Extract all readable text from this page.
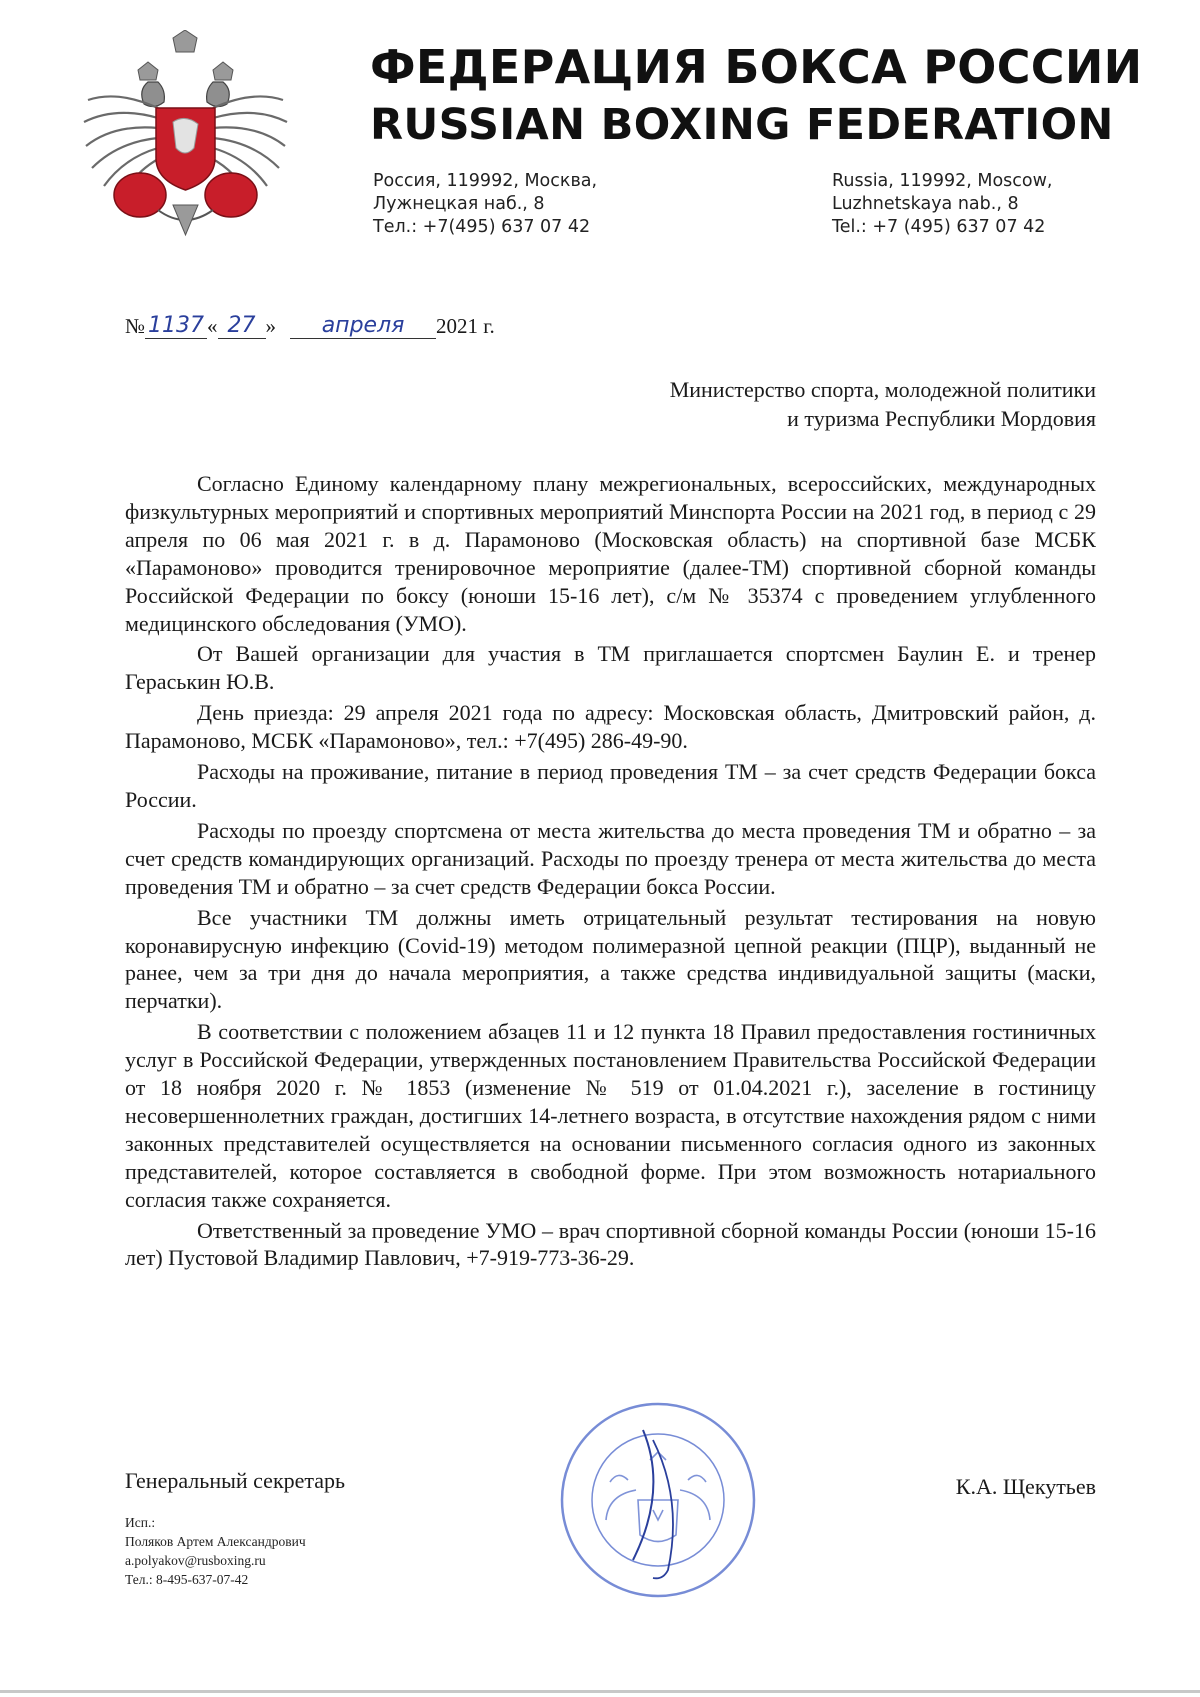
ФЕДЕРАЦИЯ БОКСА РОССИИ
RUSSIAN BOXING FEDERATION
Россия, 119992, Москва,
Лужнецкая наб., 8
Тел.: +7(495) 637 07 42
Russia, 119992, Moscow,
Luzhnetskaya nab., 8
Tel.: +7 (495) 637 07 42
№ 1137 « 27 »	апреля	2021 г.
Министерство спорта, молодежной политики
и туризма Республики Мордовия

Согласно Единому календарному плану межрегиональных, всероссийских, международных физкультурных мероприятий и спортивных мероприятий Минспорта России на 2021 год, в период с 29 апреля по 06 мая 2021 г. в д. Парамоново (Московская область) на спортивной базе МСБК «Парамоново» проводится тренировочное мероприятие (далее-ТМ) спортивной сборной команды Российской Федерации по боксу (юноши 15-16 лет), с/м № 35374 с проведением углубленного медицинского обследования (УМО).

От Вашей организации для участия в ТМ приглашается спортсмен Баулин Е. и тренер Гераськин Ю.В.

День приезда: 29 апреля 2021 года по адресу: Московская область, Дмитровский район, д. Парамоново, МСБК «Парамоново», тел.: +7(495) 286-49-90.

Расходы на проживание, питание в период проведения ТМ – за счет средств Федерации бокса России.

Расходы по проезду спортсмена от места жительства до места проведения ТМ и обратно – за счет средств командирующих организаций. Расходы по проезду тренера от места жительства до места проведения ТМ и обратно – за счет средств Федерации бокса России.

Все участники ТМ должны иметь отрицательный результат тестирования на новую коронавирусную инфекцию (Covid-19) методом полимеразной цепной реакции (ПЦР), выданный не ранее, чем за три дня до начала мероприятия, а также средства индивидуальной защиты (маски, перчатки).

В соответствии с положением абзацев 11 и 12 пункта 18 Правил предоставления гостиничных услуг в Российской Федерации, утвержденных постановлением Правительства Российской Федерации от 18 ноября 2020 г. № 1853 (изменение № 519 от 01.04.2021 г.), заселение в гостиницу несовершеннолетних граждан, достигших 14-летнего возраста, в отсутствие нахождения рядом с ними законных представителей осуществляется на основании письменного согласия одного из законных представителей, которое составляется в свободной форме. При этом возможность нотариального согласия также сохраняется.

Ответственный за проведение УМО – врач спортивной сборной команды России (юноши 15-16 лет) Пустовой Владимир Павлович, +7-919-773-36-29.

Генеральный секретарь	К.А. Щекутьев
Исп.:
Поляков Артем Александрович
a.polyakov@rusboxing.ru
Тел.: 8-495-637-07-42
